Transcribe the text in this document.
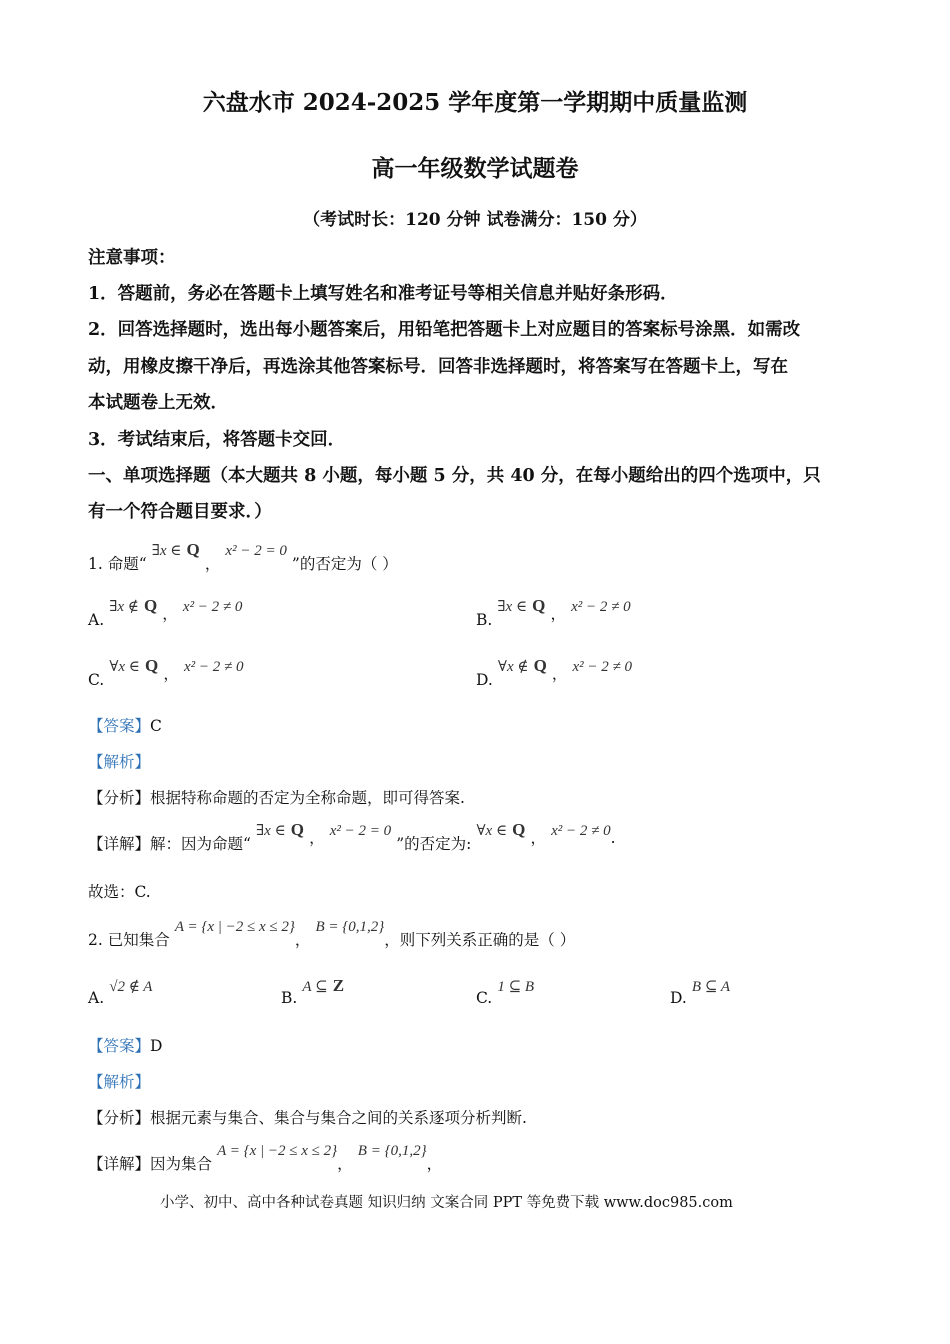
六盘水市 2024-2025 学年度第一学期期中质量监测
高一年级数学试题卷
（考试时长：120 分钟 试卷满分：150 分）
注意事项：
1．答题前，务必在答题卡上填写姓名和准考证号等相关信息并贴好条形码．
2．回答选择题时，选出每小题答案后，用铅笔把答题卡上对应题目的答案标号涂黑．如需改
动，用橡皮擦干净后，再选涂其他答案标号．回答非选择题时，将答案写在答题卡上，写在
本试题卷上无效．
3．考试结束后，将答题卡交回．
一、单项选择题（本大题共 8 小题，每小题 5 分，共 40 分，在每小题给出的四个选项中，只
有一个符合题目要求．）
1. 命题“ ∃x ∈ Q ， x² − 2 = 0 ”的否定为（ ）
A. ∃x ∉ Q ， x² − 2 ≠ 0
B. ∃x ∈ Q ， x² − 2 ≠ 0
C. ∀x ∈ Q ， x² − 2 ≠ 0
D. ∀x ∉ Q ， x² − 2 ≠ 0
【答案】C
【解析】
【分析】根据特称命题的否定为全称命题，即可得答案.
【详解】解：因为命题“ ∃x ∈ Q ， x² − 2 = 0 ”的否定为: ∀x ∈ Q ， x² − 2 ≠ 0.
故选：C.
2. 已知集合 A = {x | −2 ≤ x ≤ 2}， B = {0,1,2}，则下列关系正确的是（ ）
A. √2 ∉ A
B. A ⊆ Z
C. 1 ⊆ B
D. B ⊆ A
【答案】D
【解析】
【分析】根据元素与集合、集合与集合之间的关系逐项分析判断.
【详解】因为集合 A = {x | −2 ≤ x ≤ 2}， B = {0,1,2}，
小学、初中、高中各种试卷真题 知识归纳 文案合同 PPT 等免费下载 www.doc985.com
